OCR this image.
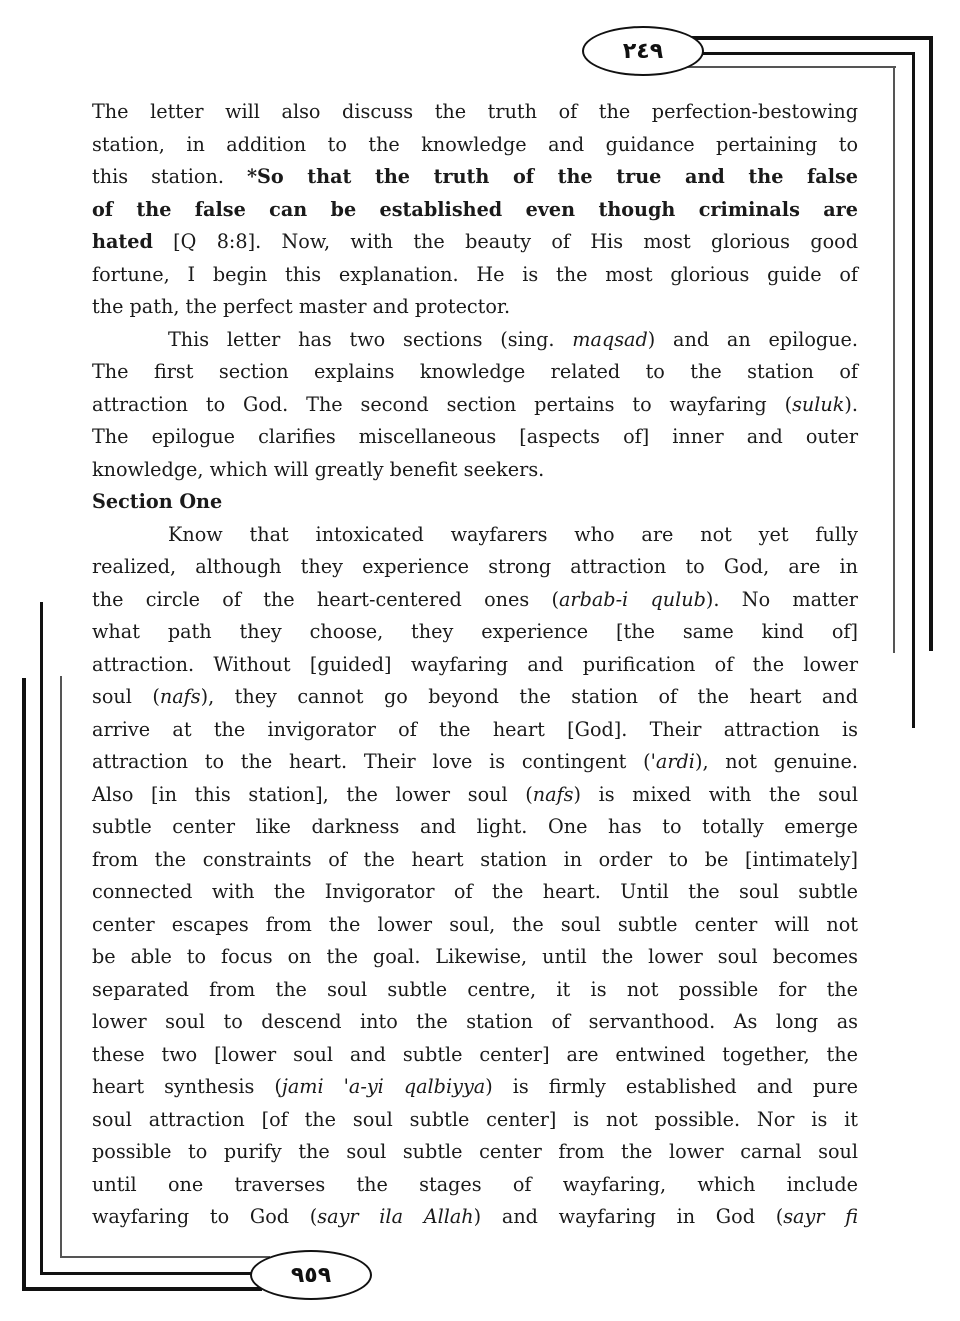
٢٤٩
٩٥٩

The letter will also discuss the truth of the perfection-bestowing
station, in addition to the knowledge and guidance pertaining to
this station. *So that the truth of the true and the false
of the false can be established even though criminals are
hated [Q 8:8]. Now, with the beauty of His most glorious good
fortune, I begin this explanation. He is the most glorious guide of
the path, the perfect master and protector.

This letter has two sections (sing. maqsad) and an epilogue.
The first section explains knowledge related to the station of
attraction to God. The second section pertains to wayfaring (suluk).
The epilogue clarifies miscellaneous [aspects of] inner and outer
knowledge, which will greatly benefit seekers.

Section One

Know that intoxicated wayfarers who are not yet fully
realized, although they experience strong attraction to God, are in
the circle of the heart-centered ones (arbab-i qulub). No matter
what path they choose, they experience [the same kind of]
attraction. Without [guided] wayfaring and purification of the lower
soul (nafs), they cannot go beyond the station of the heart and
arrive at the invigorator of the heart [God]. Their attraction is
attraction to the heart. Their love is contingent ('ardi), not genuine.
Also [in this station], the lower soul (nafs) is mixed with the soul
subtle center like darkness and light. One has to totally emerge
from the constraints of the heart station in order to be [intimately]
connected with the Invigorator of the heart. Until the soul subtle
center escapes from the lower soul, the soul subtle center will not
be able to focus on the goal. Likewise, until the lower soul becomes
separated from the soul subtle centre, it is not possible for the
lower soul to descend into the station of servanthood. As long as
these two [lower soul and subtle center] are entwined together, the
heart synthesis (jami 'a-yi qalbiyya) is firmly established and pure
soul attraction [of the soul subtle center] is not possible. Nor is it
possible to purify the soul subtle center from the lower carnal soul
until one traverses the stages of wayfaring, which include
wayfaring to God (sayr ila Allah) and wayfaring in God (sayr fi
